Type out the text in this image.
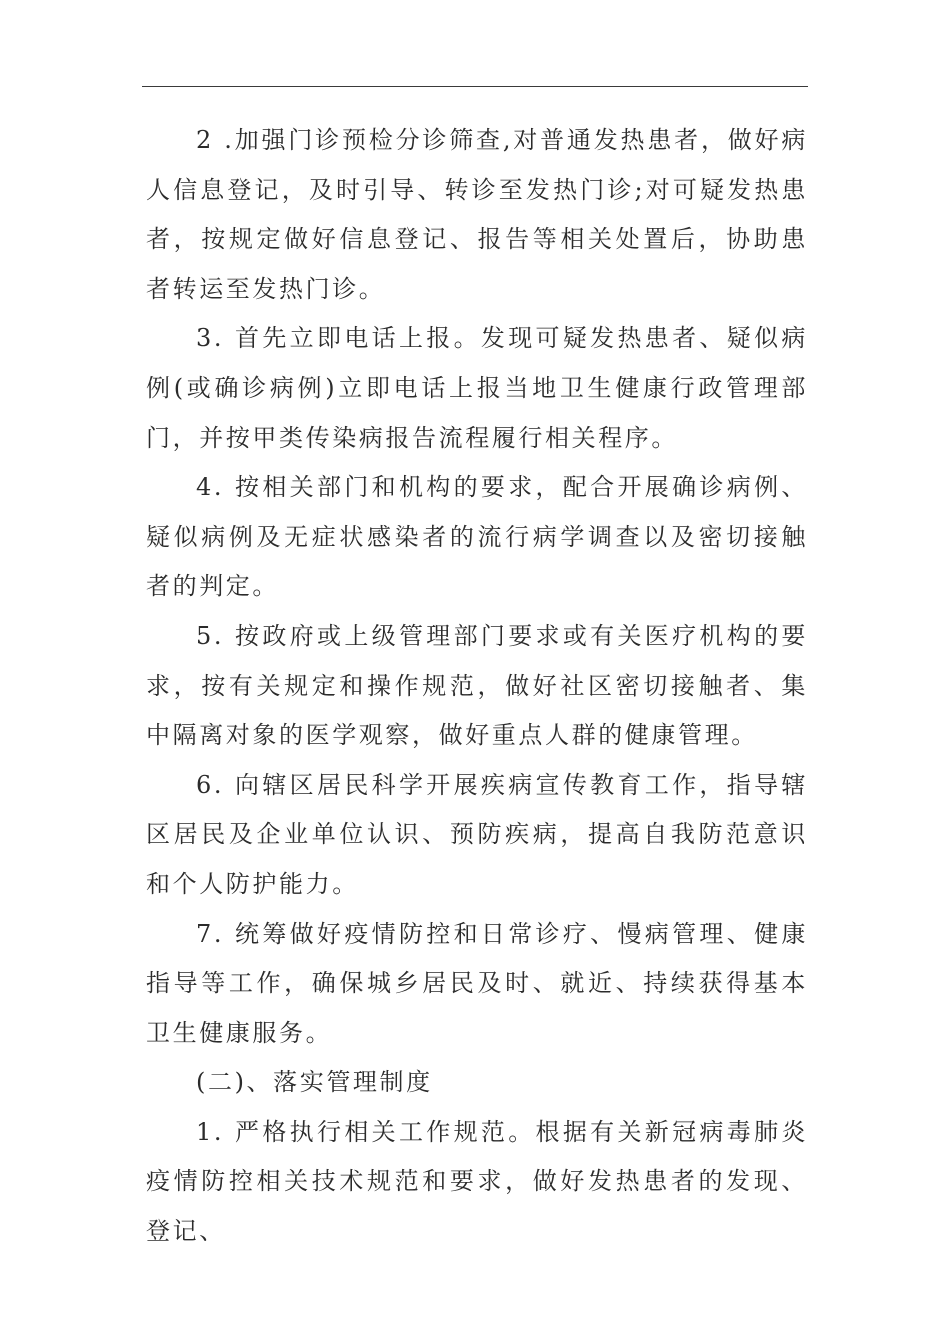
2 .加强门诊预检分诊筛查,对普通发热患者，做好病人信息登记，及时引导、转诊至发热门诊;对可疑发热患者，按规定做好信息登记、报告等相关处置后，协助患者转运至发热门诊。

3. 首先立即电话上报。发现可疑发热患者、疑似病例(或确诊病例)立即电话上报当地卫生健康行政管理部门，并按甲类传染病报告流程履行相关程序。

4. 按相关部门和机构的要求，配合开展确诊病例、疑似病例及无症状感染者的流行病学调查以及密切接触者的判定。

5. 按政府或上级管理部门要求或有关医疗机构的要求，按有关规定和操作规范，做好社区密切接触者、集中隔离对象的医学观察，做好重点人群的健康管理。

6. 向辖区居民科学开展疾病宣传教育工作，指导辖区居民及企业单位认识、预防疾病，提高自我防范意识和个人防护能力。

7. 统筹做好疫情防控和日常诊疗、慢病管理、健康指导等工作，确保城乡居民及时、就近、持续获得基本卫生健康服务。

(二)、落实管理制度

1. 严格执行相关工作规范。根据有关新冠病毒肺炎疫情防控相关技术规范和要求，做好发热患者的发现、登记、
